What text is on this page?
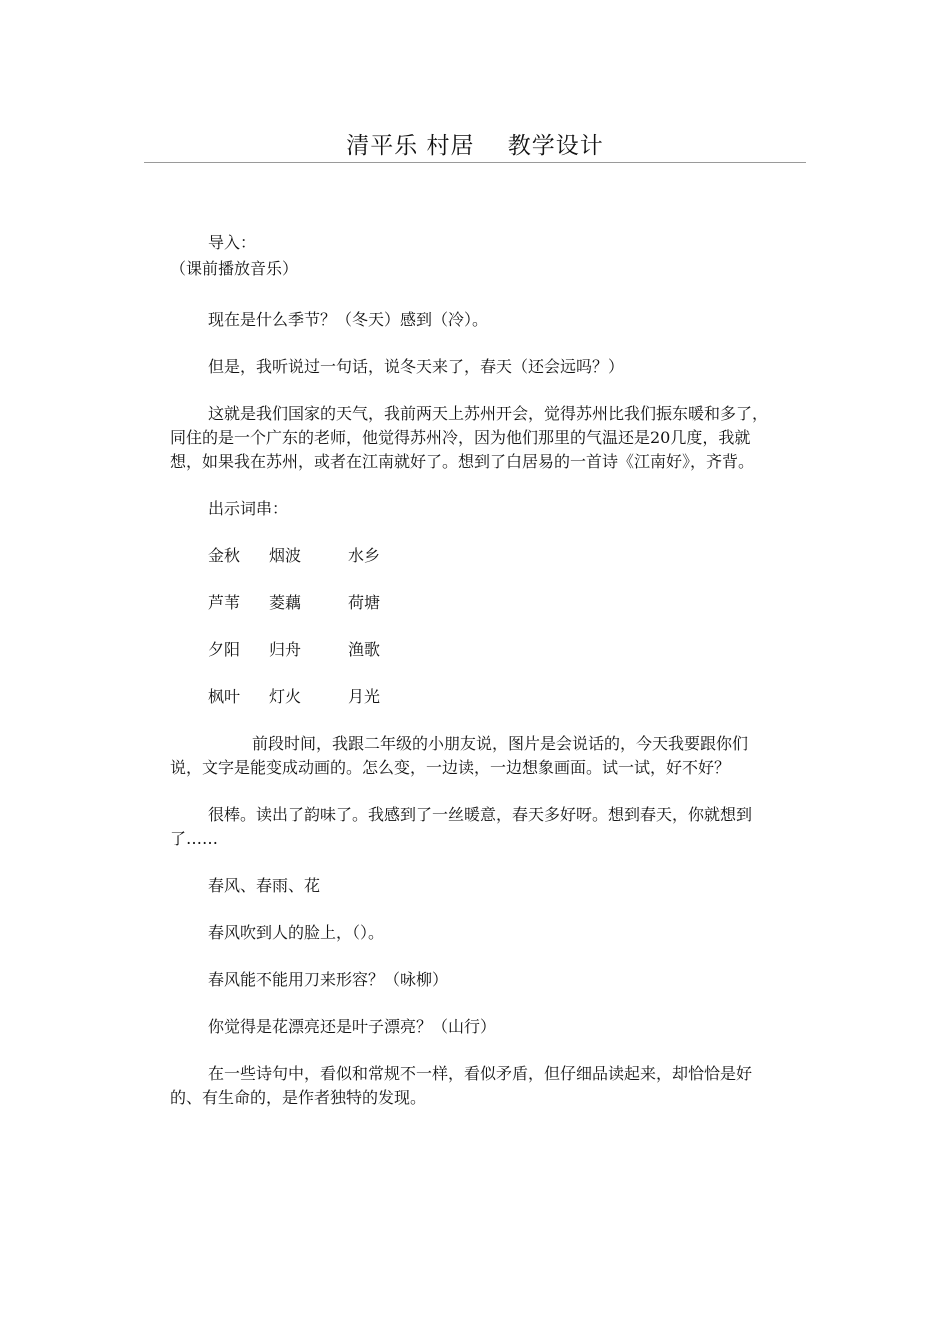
清平乐 村居    教学设计

导入：

（课前播放音乐）

现在是什么季节？（冬天）感到（冷）。

但是，我听说过一句话，说冬天来了，春天（还会远吗？）

这就是我们国家的天气，我前两天上苏州开会，觉得苏州比我们振东暖和多了，同住的是一个广东的老师，他觉得苏州冷，因为他们那里的气温还是20几度，我就想，如果我在苏州，或者在江南就好了。想到了白居易的一首诗《江南好》，齐背。

出示词串：

金秋 烟波	水乡
芦苇 菱藕	荷塘
夕阳 归舟	渔歌
枫叶 灯火	月光

前段时间，我跟二年级的小朋友说，图片是会说话的，今天我要跟你们说，文字是能变成动画的。怎么变，一边读，一边想象画面。试一试，好不好？

很棒。读出了韵味了。我感到了一丝暖意，春天多好呀。想到春天，你就想到了……

春风、春雨、花

春风吹到人的脸上，（）。

春风能不能用刀来形容？（咏柳）

你觉得是花漂亮还是叶子漂亮？（山行）

在一些诗句中，看似和常规不一样，看似矛盾，但仔细品读起来，却恰恰是好的、有生命的，是作者独特的发现。
